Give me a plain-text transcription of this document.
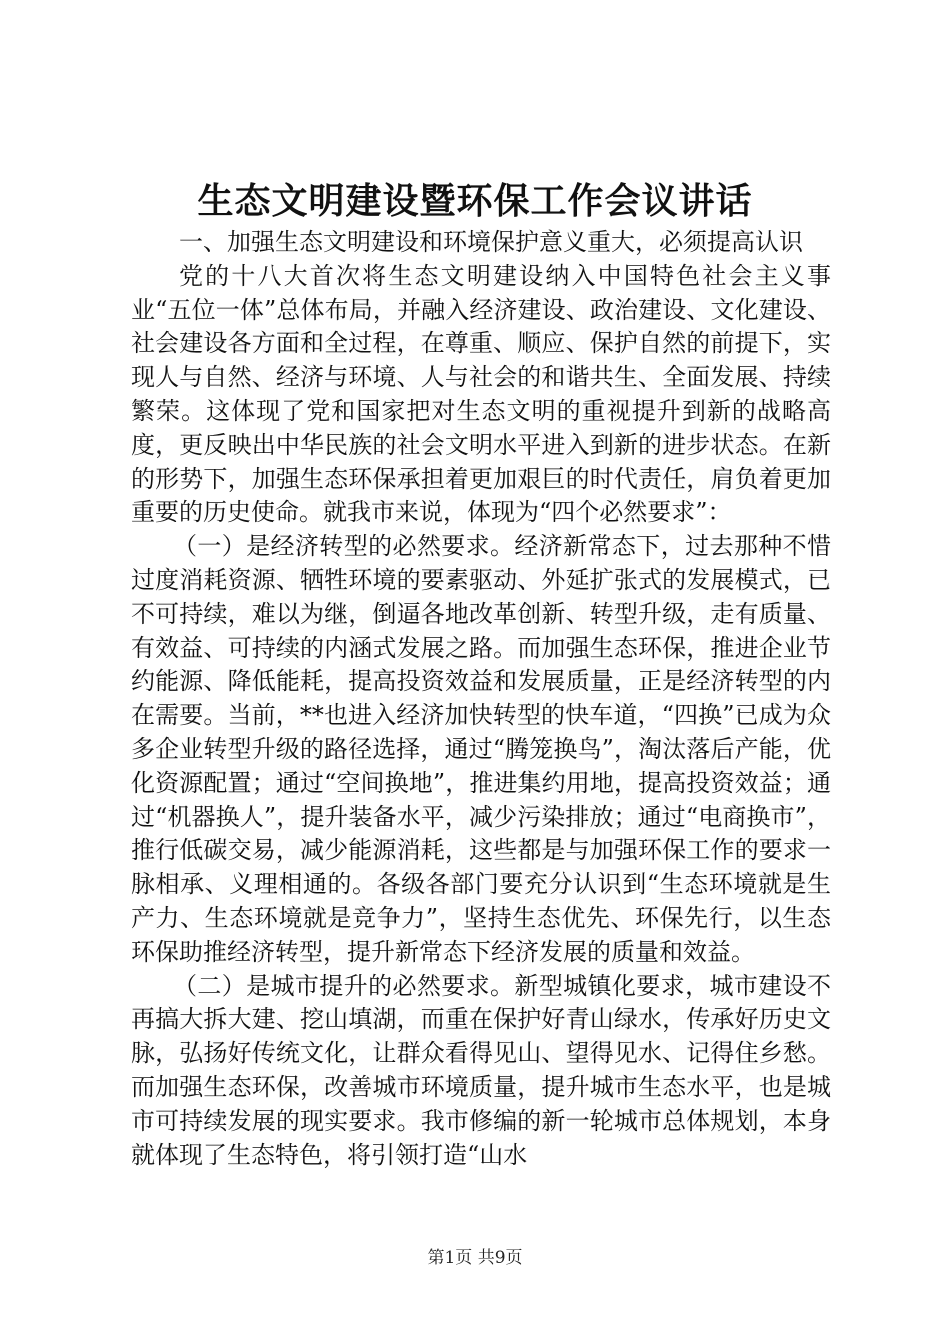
生态文明建设暨环保工作会议讲话

一、加强生态文明建设和环境保护意义重大，必须提高认识

党的十八大首次将生态文明建设纳入中国特色社会主义事业“五位一体”总体布局，并融入经济建设、政治建设、文化建设、社会建设各方面和全过程，在尊重、顺应、保护自然的前提下，实现人与自然、经济与环境、人与社会的和谐共生、全面发展、持续繁荣。这体现了党和国家把对生态文明的重视提升到新的战略高度，更反映出中华民族的社会文明水平进入到新的进步状态。在新的形势下，加强生态环保承担着更加艰巨的时代责任，肩负着更加重要的历史使命。就我市来说，体现为“四个必然要求”：

（一）是经济转型的必然要求。经济新常态下，过去那种不惜过度消耗资源、牺牲环境的要素驱动、外延扩张式的发展模式，已不可持续，难以为继，倒逼各地改革创新、转型升级，走有质量、有效益、可持续的内涵式发展之路。而加强生态环保，推进企业节约能源、降低能耗，提高投资效益和发展质量，正是经济转型的内在需要。当前，**也进入经济加快转型的快车道，“四换”已成为众多企业转型升级的路径选择，通过“腾笼换鸟”，淘汰落后产能，优化资源配置；通过“空间换地”，推进集约用地，提高投资效益；通过“机器换人”，提升装备水平，减少污染排放；通过“电商换市”，推行低碳交易，减少能源消耗，这些都是与加强环保工作的要求一脉相承、义理相通的。各级各部门要充分认识到“生态环境就是生产力、生态环境就是竞争力”，坚持生态优先、环保先行，以生态环保助推经济转型，提升新常态下经济发展的质量和效益。

（二）是城市提升的必然要求。新型城镇化要求，城市建设不再搞大拆大建、挖山填湖，而重在保护好青山绿水，传承好历史文脉，弘扬好传统文化，让群众看得见山、望得见水、记得住乡愁。而加强生态环保，改善城市环境质量，提升城市生态水平，也是城市可持续发展的现实要求。我市修编的新一轮城市总体规划，本身就体现了生态特色，将引领打造“山水

第1页 共9页
